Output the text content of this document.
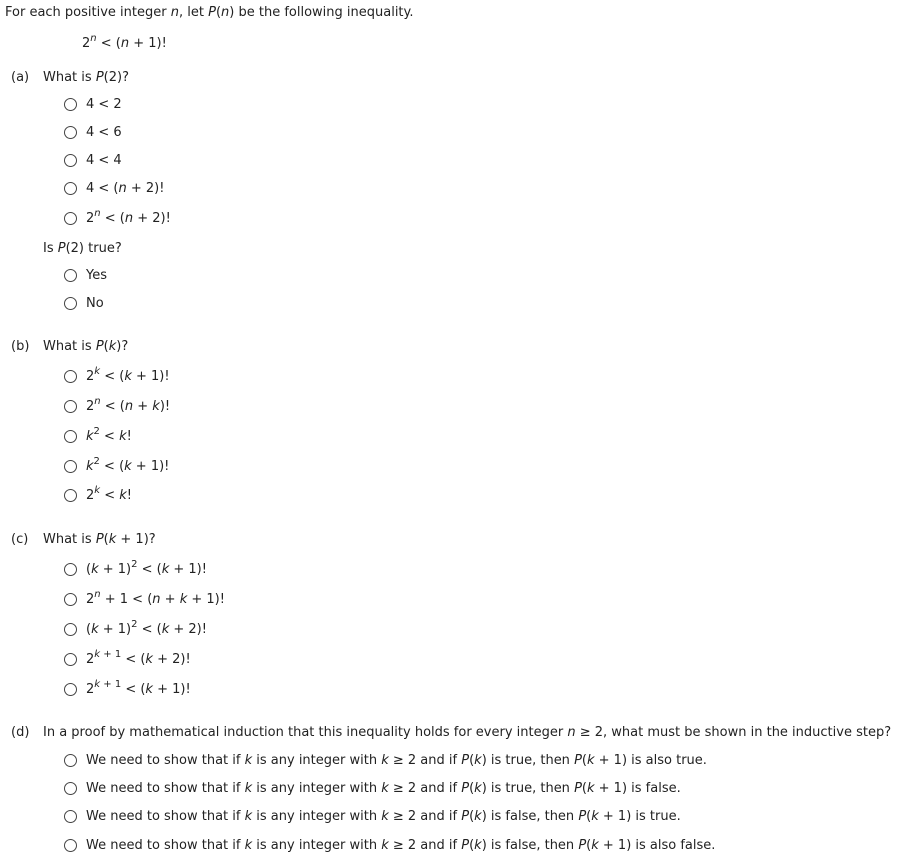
For each positive integer n, let P(n) be the following inequality.
$2^n < (n + 1)$!
(a) What is P(2)?
4 < 2
4 < 6
4 < 4
4 < (n + 2)!
$2^n < (n + 2)$!
Is P(2) true?
Yes
No
(b) What is P(k)?
$2^k < (k + 1)$!
$2^n < (n + k)$!
$k^2 < k$!
$k^2 < (k + 1)$!
$2^k < k$!
(c) What is P(k + 1)?
$(k + 1)^2 < (k + 1)$!
$2^n + 1 < (n + k + 1)$!
$(k + 1)^2 < (k + 2)$!
$2^{k + 1} < (k + 2)$!
$2^{k + 1} < (k + 1)$!
(d) In a proof by mathematical induction that this inequality holds for every integer n ≥ 2, what must be shown in the inductive step?
We need to show that if k is any integer with k ≥ 2 and if P(k) is true, then P(k + 1) is also true.
We need to show that if k is any integer with k ≥ 2 and if P(k) is true, then P(k + 1) is false.
We need to show that if k is any integer with k ≥ 2 and if P(k) is false, then P(k + 1) is true.
We need to show that if k is any integer with k ≥ 2 and if P(k) is false, then P(k + 1) is also false.
